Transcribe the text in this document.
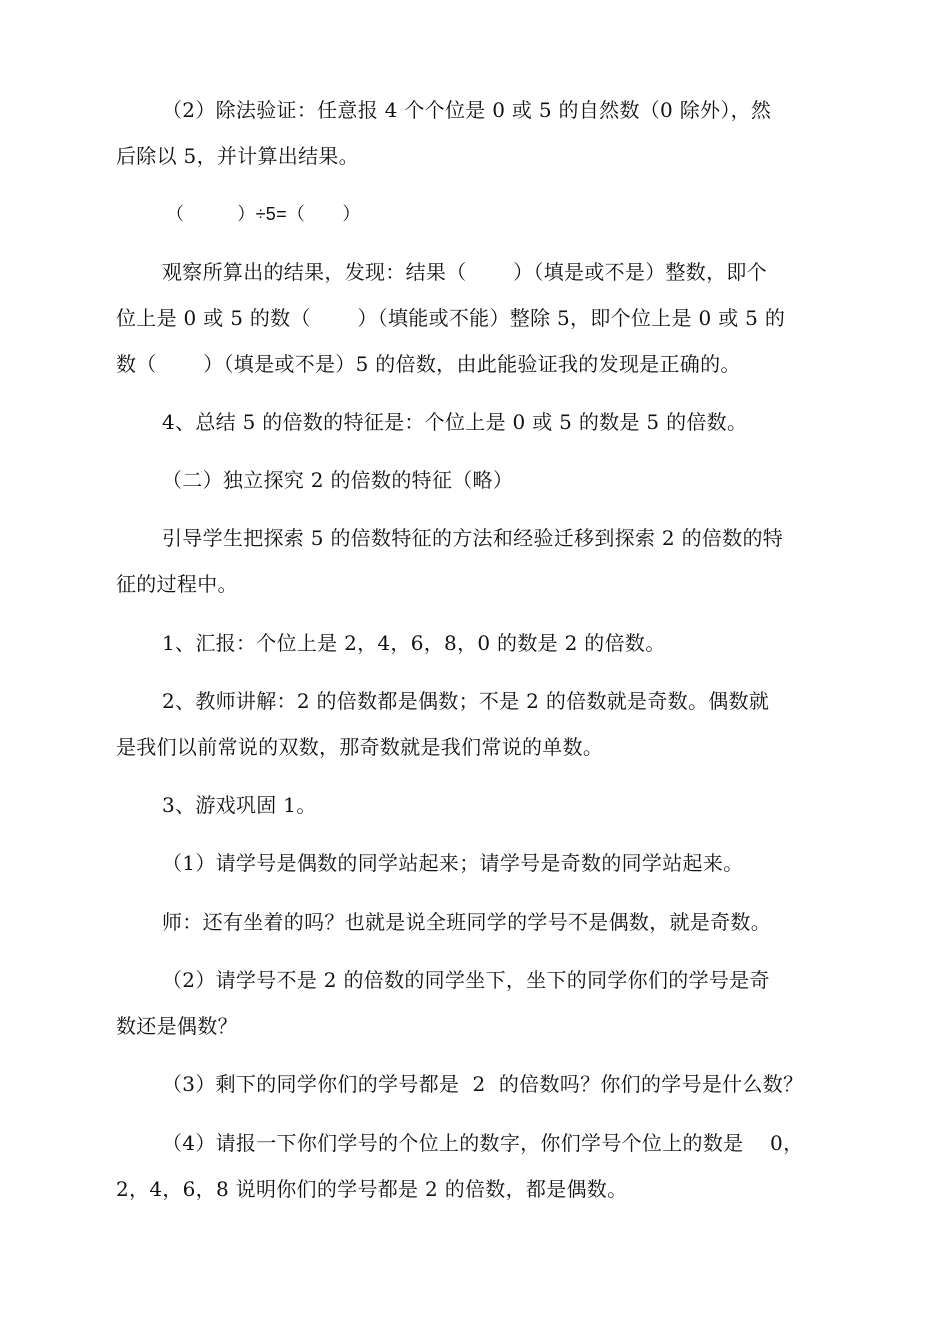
（2）除法验证：任意报 4 个个位是 0 或 5 的自然数（0 除外），然
后除以 5，并计算出结果。
（          ）÷5=（       ）
观察所算出的结果，发现：结果（       ）（填是或不是）整数，即个
位上是 0 或 5 的数（       ）（填能或不能）整除 5，即个位上是 0 或 5 的
数（       ）（填是或不是）5 的倍数，由此能验证我的发现是正确的。
4、总结 5 的倍数的特征是：个位上是 0 或 5 的数是 5 的倍数。
（二）独立探究 2 的倍数的特征（略）
引导学生把探索 5 的倍数特征的方法和经验迁移到探索 2 的倍数的特
征的过程中。
1、汇报：个位上是 2，4，6，8，0 的数是 2 的倍数。
2、教师讲解：2 的倍数都是偶数；不是 2 的倍数就是奇数。偶数就
是我们以前常说的双数，那奇数就是我们常说的单数。
3、游戏巩固 1。
（1）请学号是偶数的同学站起来；请学号是奇数的同学站起来。
师：还有坐着的吗？也就是说全班同学的学号不是偶数，就是奇数。
（2）请学号不是 2 的倍数的同学坐下，坐下的同学你们的学号是奇
数还是偶数？
（3）剩下的同学你们的学号都是  2  的倍数吗？你们的学号是什么数？
（4）请报一下你们学号的个位上的数字，你们学号个位上的数是    0，
2，4，6，8 说明你们的学号都是 2 的倍数，都是偶数。
